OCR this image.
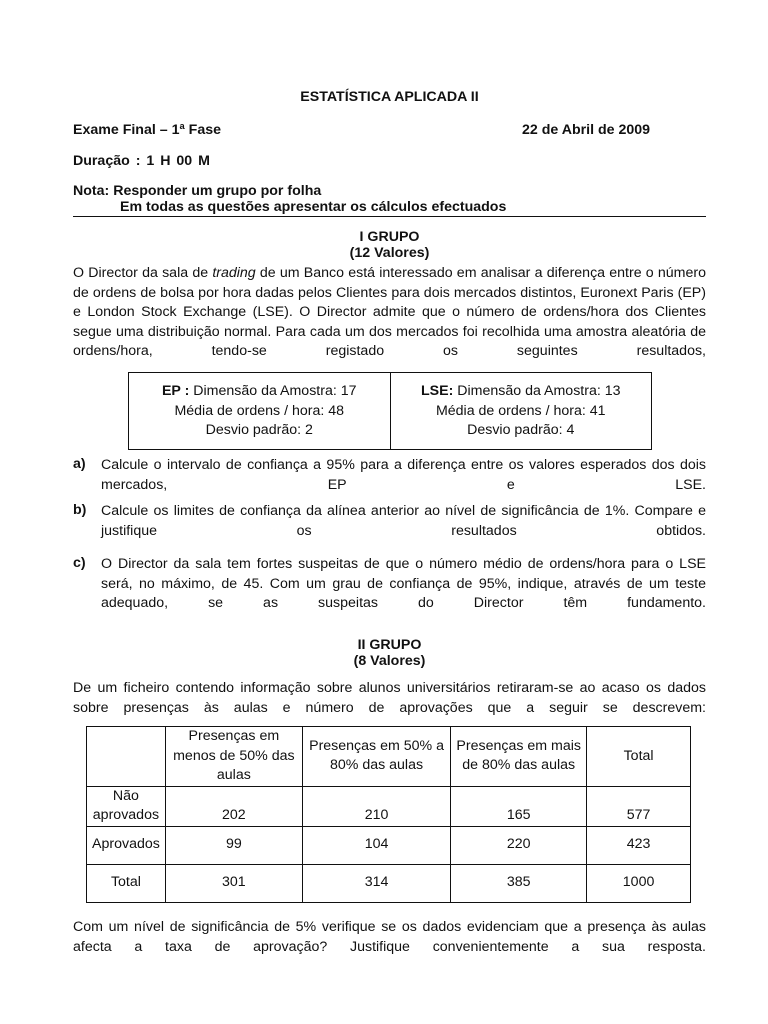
ESTATÍSTICA APLICADA II
Exame Final – 1ª Fase	22 de Abril de 2009
Duração : 1 H 00 M
Nota: Responder um grupo por folha
Em todas as questões apresentar os cálculos efectuados
I GRUPO
(12 Valores)
O Director da sala de trading de um Banco está interessado em analisar a diferença entre o número de ordens de bolsa por hora dadas pelos Clientes para dois mercados distintos, Euronext Paris (EP) e London Stock Exchange (LSE). O Director admite que o número de ordens/hora dos Clientes segue uma distribuição normal. Para cada um dos mercados foi recolhida uma amostra aleatória de ordens/hora, tendo-se registado os seguintes resultados,
EP : Dimensão da Amostra: 17
Média de ordens / hora: 48
Desvio padrão: 2

LSE: Dimensão da Amostra: 13
Média de ordens / hora: 41
Desvio padrão: 4
a) Calcule o intervalo de confiança a 95% para a diferença entre os valores esperados dos dois mercados, EP e LSE.
b) Calcule os limites de confiança da alínea anterior ao nível de significância de 1%. Compare e justifique os resultados obtidos.
c) O Director da sala tem fortes suspeitas de que o número médio de ordens/hora para o LSE será, no máximo, de 45. Com um grau de confiança de 95%, indique, através de um teste adequado, se as suspeitas do Director têm fundamento.
II GRUPO
(8 Valores)
De um ficheiro contendo informação sobre alunos universitários retiraram-se ao acaso os dados sobre presenças às aulas e número de aprovações que a seguir se descrevem:
	Presenças em menos de 50% das aulas	Presenças em 50% a 80% das aulas	Presenças em mais de 80% das aulas	Total
Não aprovados	202	210	165	577
Aprovados	99	104	220	423
Total	301	314	385	1000
Com um nível de significância de 5% verifique se os dados evidenciam que a presença às aulas afecta a taxa de aprovação? Justifique convenientemente a sua resposta.
